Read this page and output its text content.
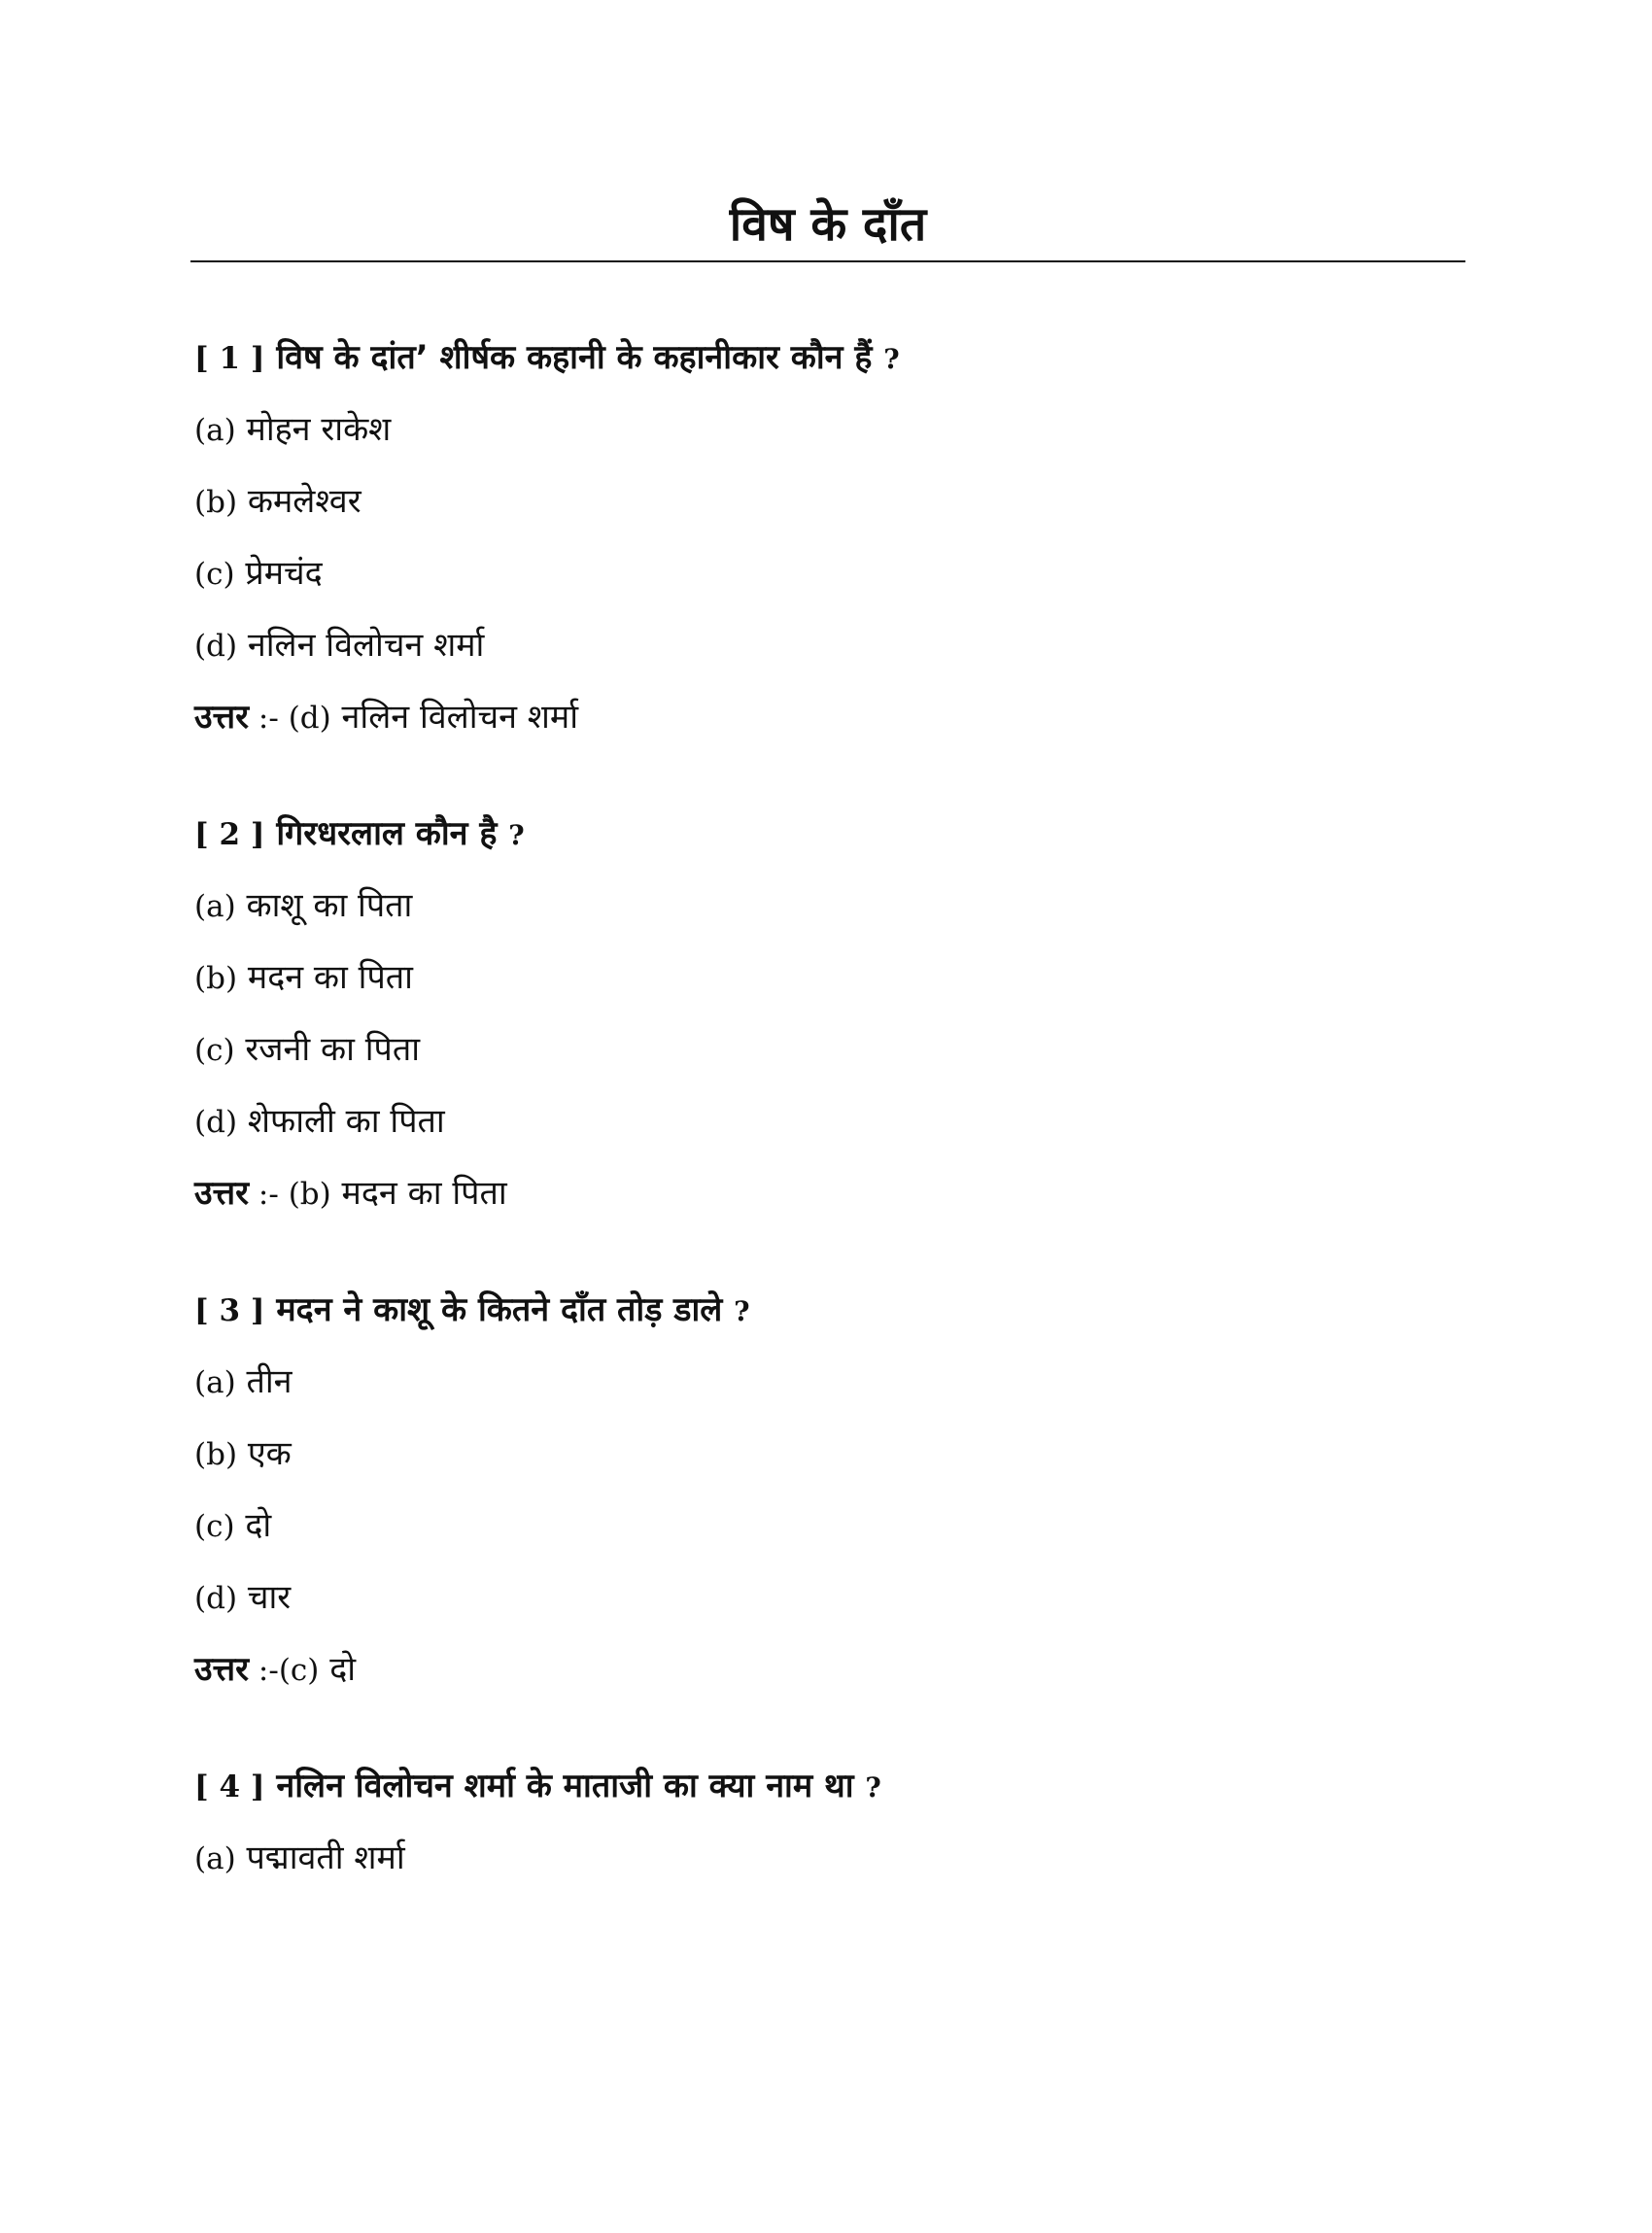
विष के दाँत
[ 1 ] विष के दांत’ शीर्षक कहानी के कहानीकार कौन हैं ?
(a) मोहन राकेश
(b) कमलेश्वर
(c) प्रेमचंद
(d) नलिन विलोचन शर्मा
उत्तर :- (d) नलिन विलोचन शर्मा
[ 2 ] गिरधरलाल कौन है ?
(a) काशू का पिता
(b) मदन का पिता
(c) रजनी का पिता
(d) शेफाली का पिता
उत्तर :- (b) मदन का पिता
[ 3 ] मदन ने काशू के कितने दाँत तोड़ डाले ?
(a) तीन
(b) एक
(c) दो
(d) चार
उत्तर :-(c) दो
[ 4 ] नलिन विलोचन शर्मा के माताजी का क्या नाम था ?
(a) पद्मावती शर्मा
